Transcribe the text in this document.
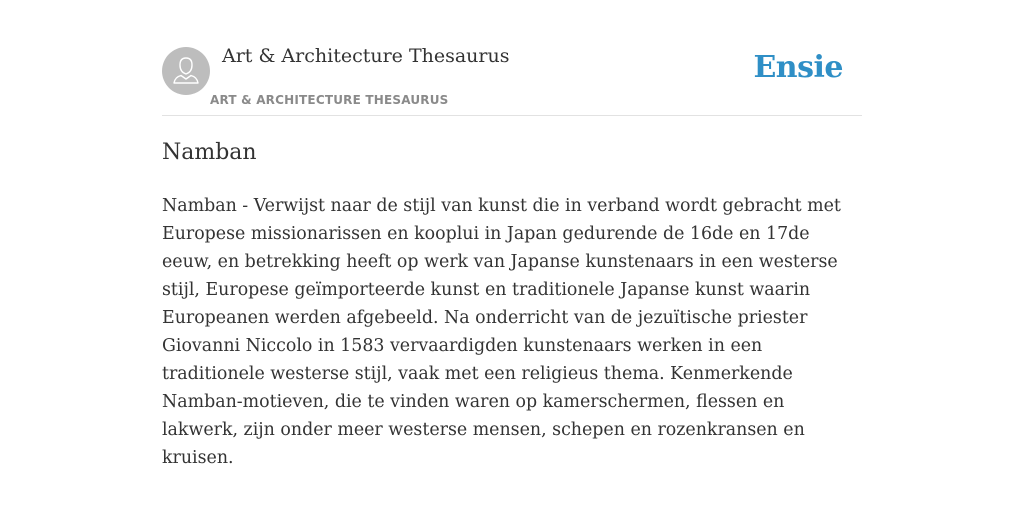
Art & Architecture Thesaurus
ART & ARCHITECTURE THESAURUS
Ensie
Namban

Namban - Verwijst naar de stijl van kunst die in verband wordt gebracht met Europese missionarissen en kooplui in Japan gedurende de 16de en 17de eeuw, en betrekking heeft op werk van Japanse kunstenaars in een westerse stijl, Europese geïmporteerde kunst en traditionele Japanse kunst waarin Europeanen werden afgebeeld. Na onderricht van de jezuïtische priester Giovanni Niccolo in 1583 vervaardigden kunstenaars werken in een traditionele westerse stijl, vaak met een religieus thema. Kenmerkende Namban-motieven, die te vinden waren op kamerschermen, flessen en lakwerk, zijn onder meer westerse mensen, schepen en rozenkransen en kruisen.
